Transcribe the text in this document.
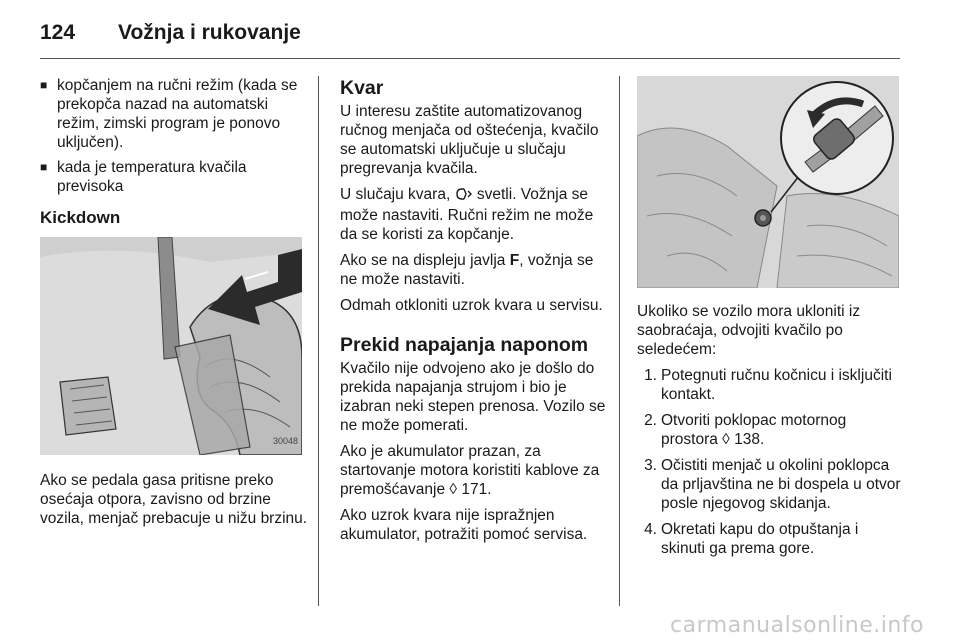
124	Vožnja i rukovanje
■ kopčanjem na ručni režim (kada se prekopča nazad na automatski režim, zimski program je ponovo uključen).
■ kada je temperatura kvačila previsoka
Kickdown
30048

Ako se pedala gasa pritisne preko osećaja otpora, zavisno od brzine vozila, menjač prebacuje u nižu brzinu.

Kvar

U interesu zaštite automatizovanog ručnog menjača od oštećenja, kvačilo se automatski uključuje u slučaju pregrevanja kvačila.

U slučaju kvara,  svetli. Vožnja se može nastaviti. Ručni režim ne može da se koristi za kopčanje.

Ako se na displeju javlja F, vožnja se ne može nastaviti.

Odmah otkloniti uzrok kvara u servisu.

Prekid napajanja naponom

Kvačilo nije odvojeno ako je došlo do prekida napajanja strujom i bio je izabran neki stepen prenosa. Vozilo se ne može pomerati.

Ako je akumulator prazan, za startovanje motora koristiti kablove za premošćavanje ◊ 171.

Ako uzrok kvara nije ispražnjen akumulator, potražiti pomoć servisa.

Ukoliko se vozilo mora ukloniti iz saobraćaja, odvojiti kvačilo po seledećem:

1. Potegnuti ručnu kočnicu i isključiti kontakt.
2. Otvoriti poklopac motornog prostora ◊ 138.
3. Očistiti menjač u okolini poklopca da prljavština ne bi dospela u otvor posle njegovog skidanja.
4. Okretati kapu do otpuštanja i skinuti ga prema gore.
carmanualsonline.info
